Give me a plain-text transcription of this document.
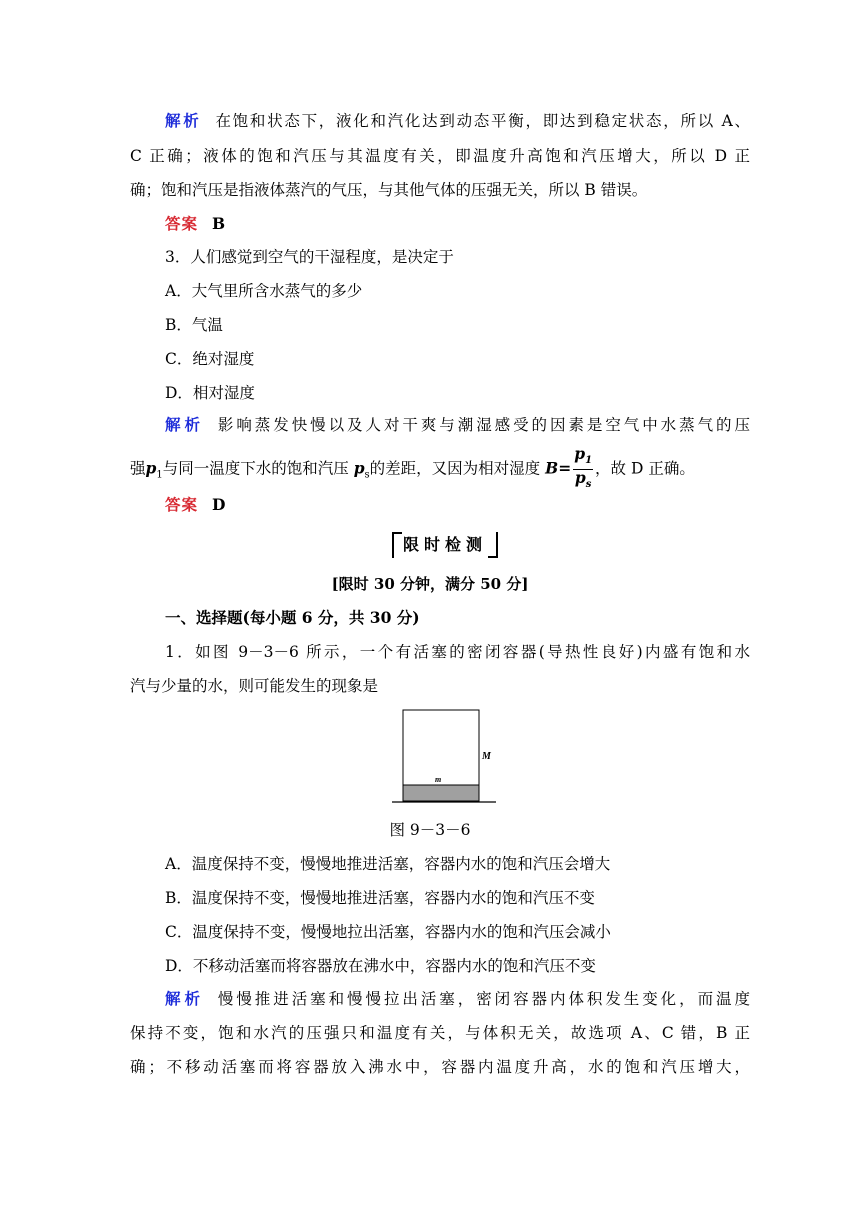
解析 在饱和状态下，液化和汽化达到动态平衡，即达到稳定状态，所以 A、
C 正确；液体的饱和汽压与其温度有关，即温度升高饱和汽压增大，所以 D 正
确；饱和汽压是指液体蒸汽的气压，与其他气体的压强无关，所以 B 错误。
答案 B
3．人们感觉到空气的干湿程度，是决定于
A．大气里所含水蒸气的多少
B．气温
C．绝对湿度
D．相对湿度
解析 影响蒸发快慢以及人对干爽与潮湿感受的因素是空气中水蒸气的压
强$p_1$与同一温度下水的饱和汽压 $p_s$的差距，又因为相对湿度 $B= \frac{p_1}{p_s}$ ，故 D 正确。
答案 D
限时检测
[限时 30 分钟，满分 50 分]
一、选择题(每小题 6 分，共 30 分)
1．如图 9－3－6 所示，一个有活塞的密闭容器(导热性良好)内盛有饱和水
汽与少量的水，则可能发生的现象是
M
m
图 9－3－6
A．温度保持不变，慢慢地推进活塞，容器内水的饱和汽压会增大
B．温度保持不变，慢慢地推进活塞，容器内水的饱和汽压不变
C．温度保持不变，慢慢地拉出活塞，容器内水的饱和汽压会减小
D．不移动活塞而将容器放在沸水中，容器内水的饱和汽压不变
解析 慢慢推进活塞和慢慢拉出活塞，密闭容器内体积发生变化，而温度
保持不变，饱和水汽的压强只和温度有关，与体积无关，故选项 A、C 错，B 正
确；不移动活塞而将容器放入沸水中，容器内温度升高，水的饱和汽压增大，
